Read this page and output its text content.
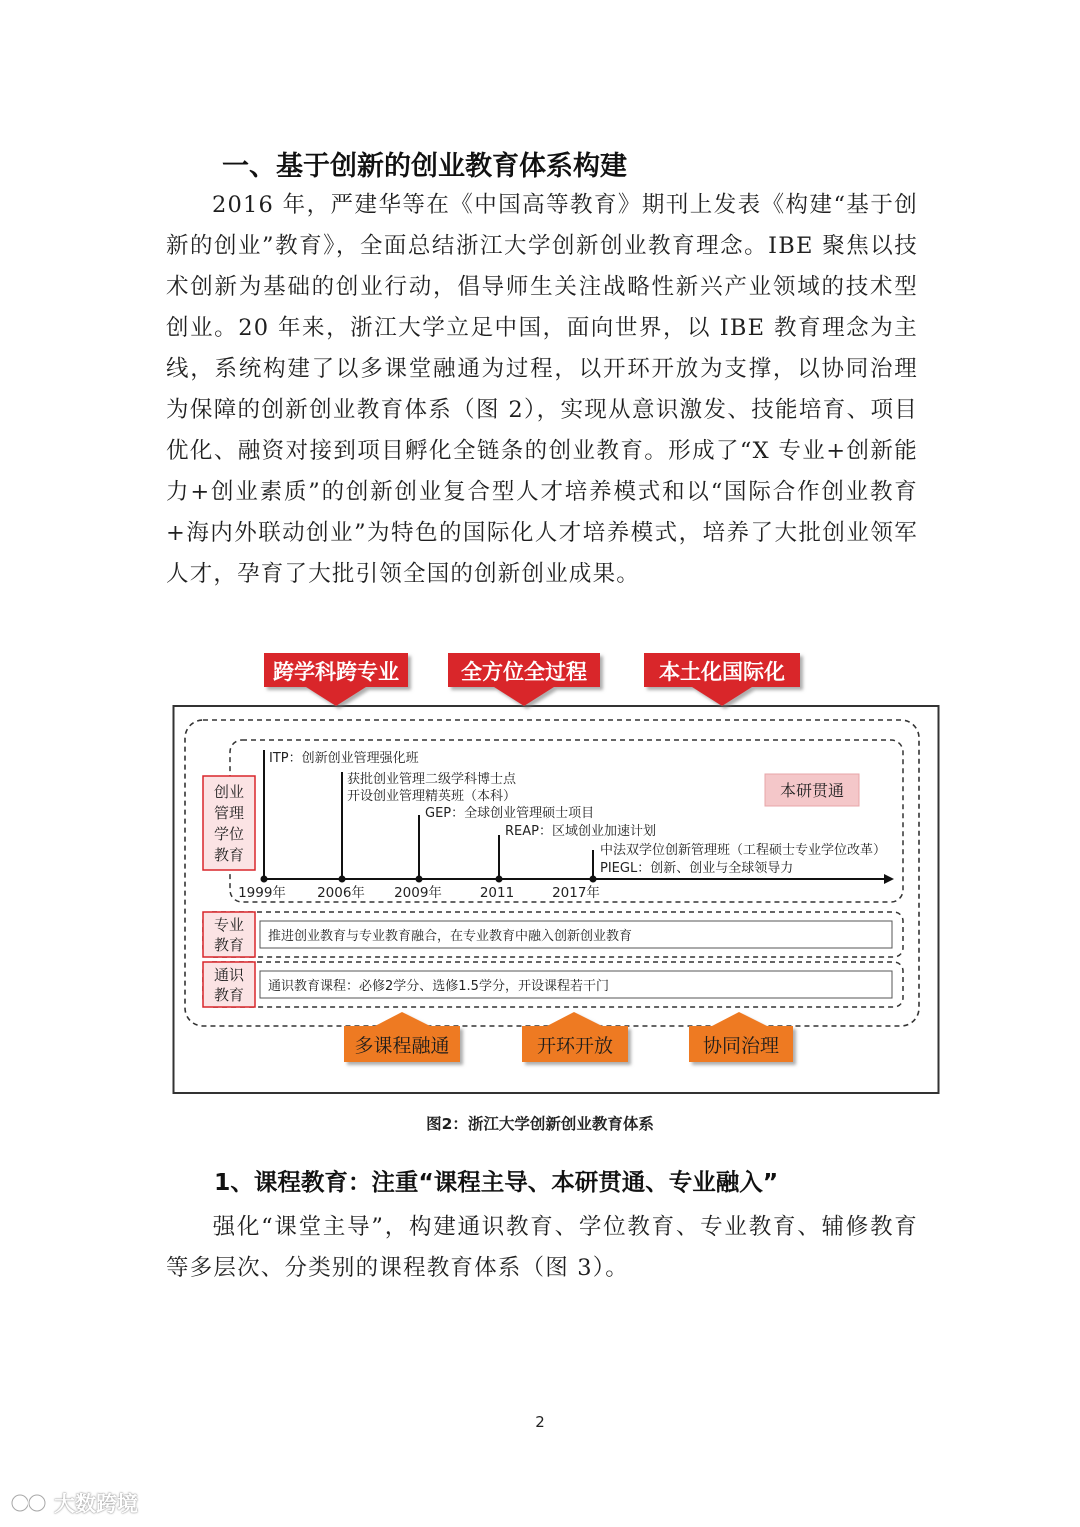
一、基于创新的创业教育体系构建

2016 年，严建华等在《中国高等教育》期刊上发表《构建“基于创新的创业”教育》，全面总结浙江大学创新创业教育理念。IBE 聚焦以技术创新为基础的创业行动，倡导师生关注战略性新兴产业领域的技术型创业。20 年来，浙江大学立足中国，面向世界，以 IBE 教育理念为主线，系统构建了以多课堂融通为过程，以开环开放为支撑，以协同治理为保障的创新创业教育体系（图 2），实现从意识激发、技能培育、项目优化、融资对接到项目孵化全链条的创业教育。形成了“X 专业+创新能力+创业素质”的创新创业复合型人才培养模式和以“国际合作创业教育+海内外联动创业”为特色的国际化人才培养模式，培养了大批创业领军人才，孕育了大批引领全国的创新创业成果。

跨学科跨专业	全方位全过程	本土化国际化
创业
管理
学位
教育
本研贯通
ITP：创新创业管理强化班
获批创业管理二级学科博士点
开设创业管理精英班（本科）
GEP：全球创业管理硕士项目
REAP：区域创业加速计划
中法双学位创新管理班（工程硕士专业学位改革）
PIEGL：创新、创业与全球领导力
1999年 2006年 2009年	2011	2017年
专业
教育 推进创业教育与专业教育融合，在专业教育中融入创新创业教育
通识
教育 通识教育课程：必修2学分、选修1.5学分，开设课程若干门
多课程融通	开环开放	协同治理
图2：浙江大学创新创业教育体系
1、课程教育：注重“课程主导、本研贯通、专业融入”

强化“课堂主导”，构建通识教育、学位教育、专业教育、辅修教育等多层次、分类别的课程教育体系（图 3）。

2
大数跨境
